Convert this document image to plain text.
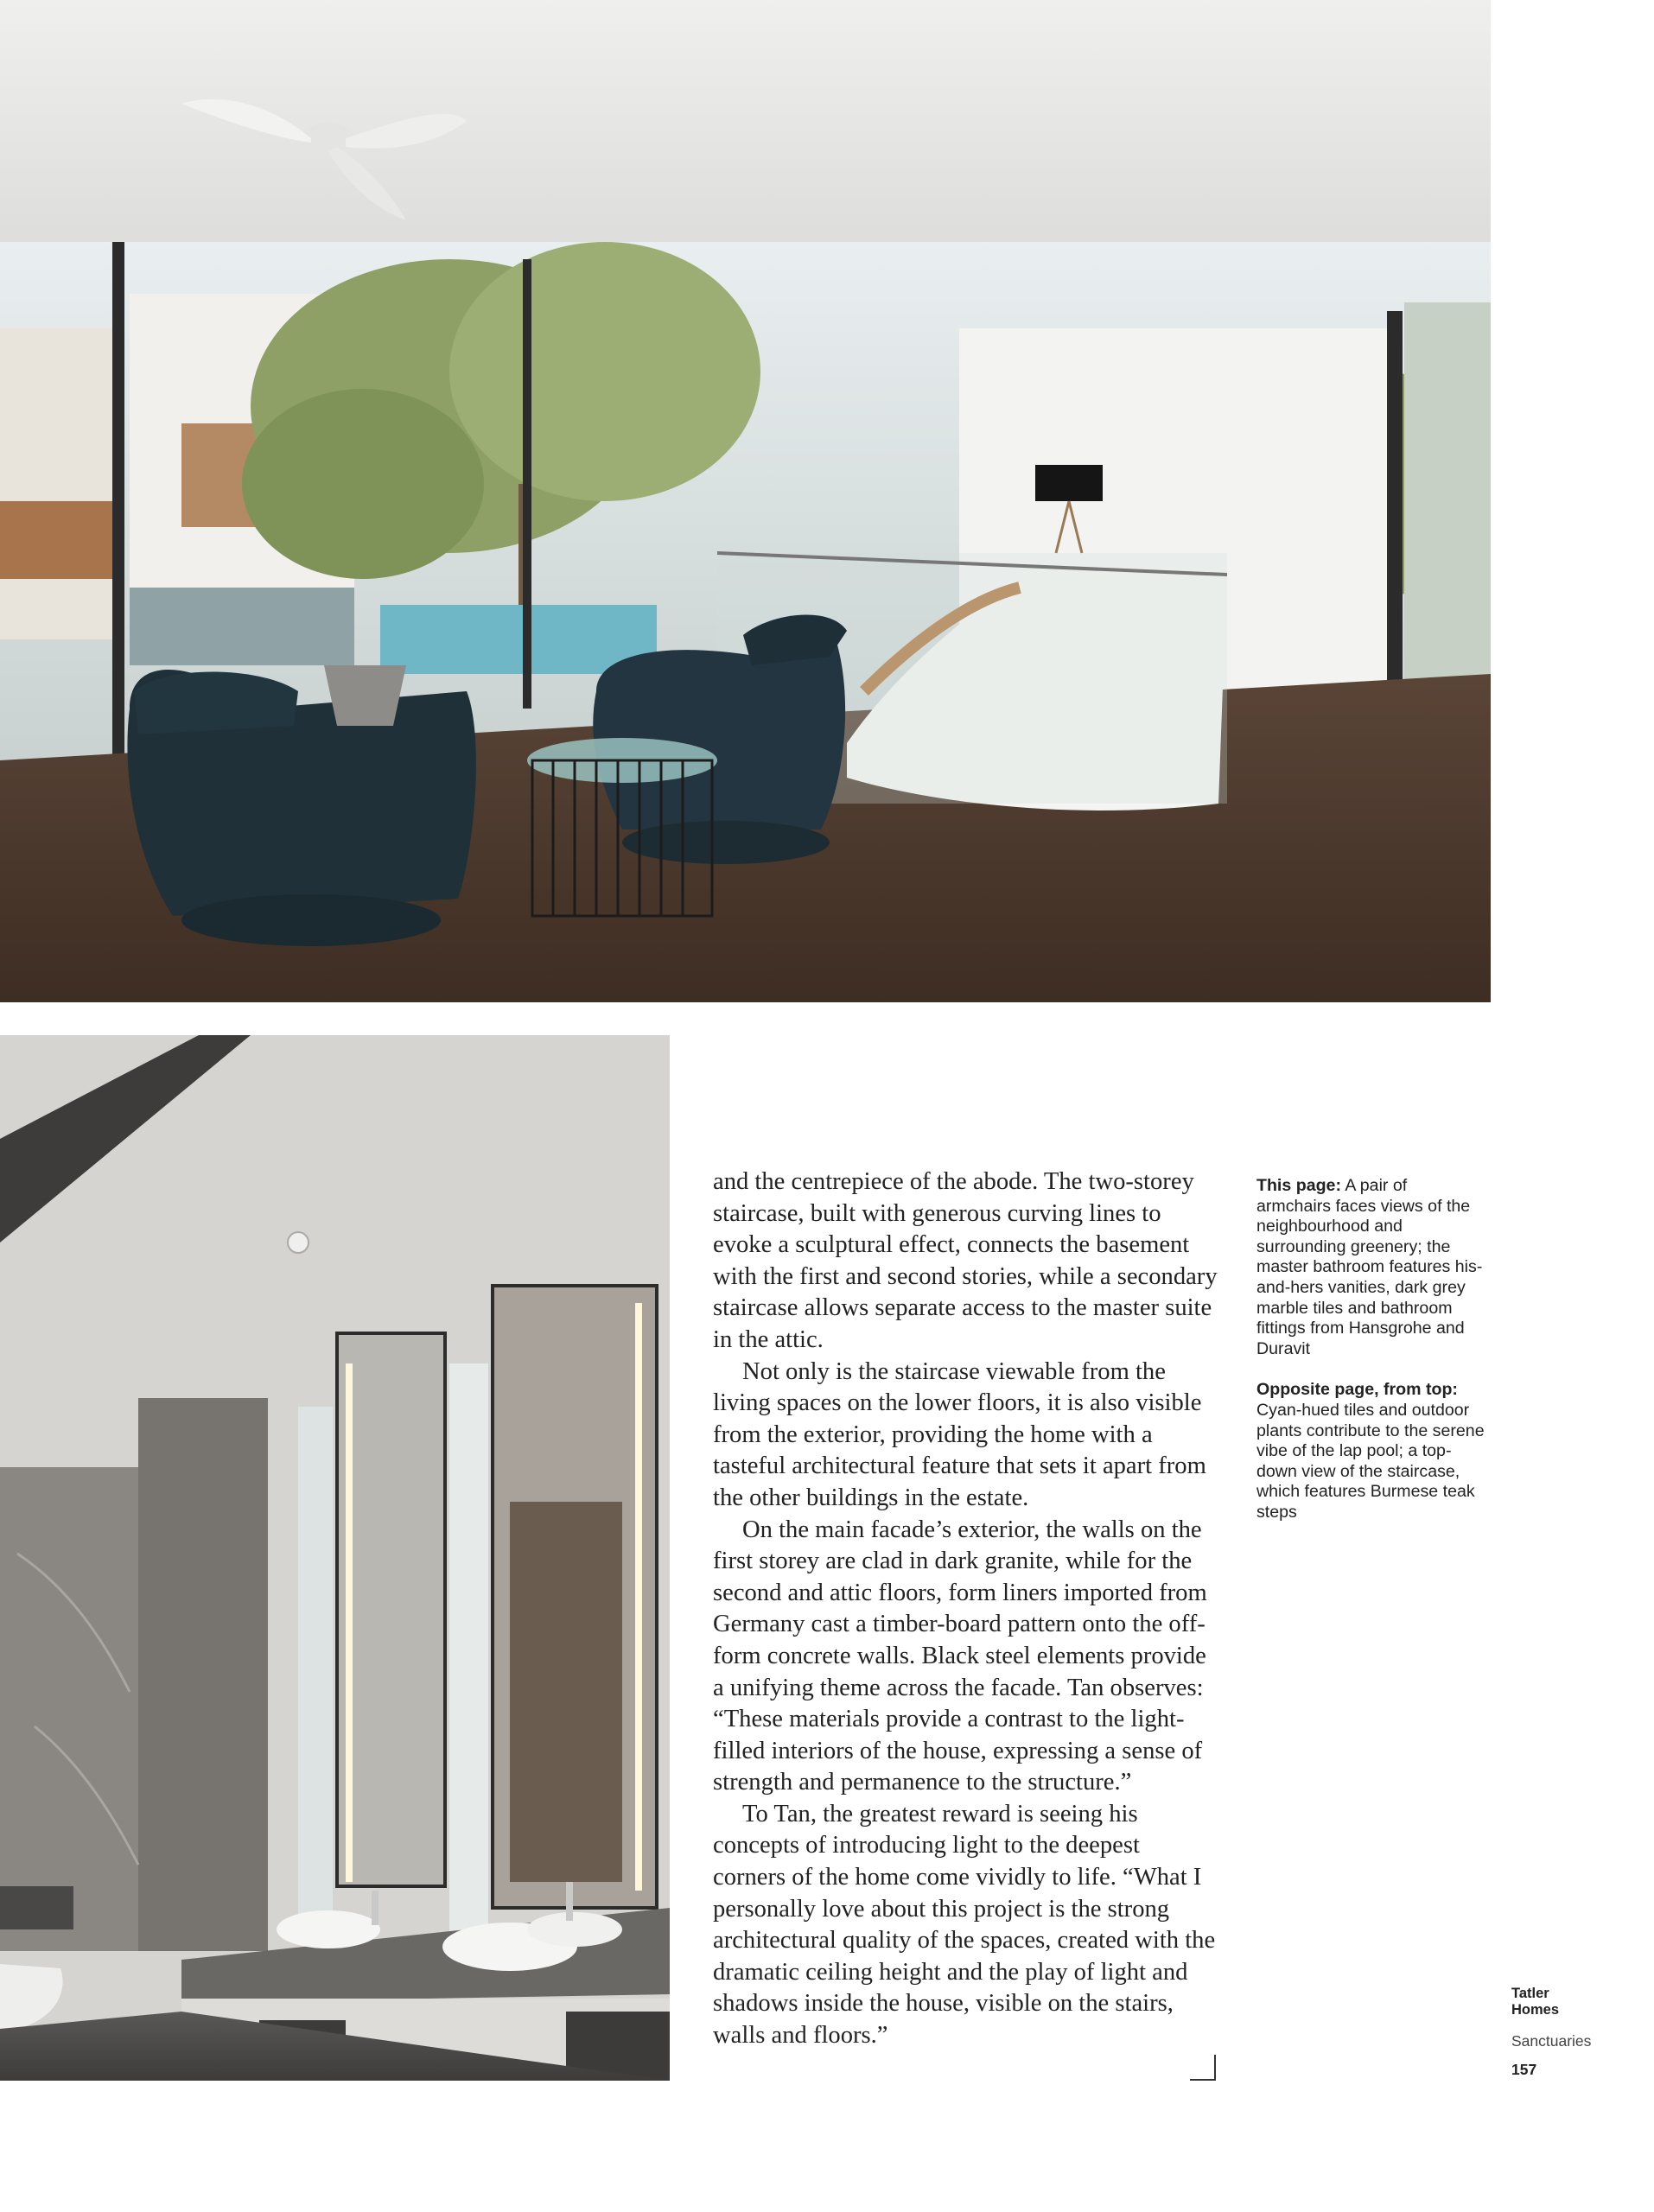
and the centrepiece of the abode. The two-storey staircase, built with generous curving lines to evoke a sculptural effect, connects the basement with the first and second stories, while a secondary staircase allows separate access to the master suite in the attic.

Not only is the staircase viewable from the living spaces on the lower floors, it is also visible from the exterior, providing the home with a tasteful architectural feature that sets it apart from the other buildings in the estate.

On the main facade’s exterior, the walls on the first storey are clad in dark granite, while for the second and attic floors, form liners imported from Germany cast a timber-board pattern onto the off-form concrete walls. Black steel elements provide a unifying theme across the facade. Tan observes: “These materials provide a contrast to the light-filled interiors of the house, expressing a sense of strength and permanence to the structure.”

To Tan, the greatest reward is seeing his concepts of introducing light to the deepest corners of the home come vividly to life. “What I personally love about this project is the strong architectural quality of the spaces, created with the dramatic ceiling height and the play of light and shadows inside the house, visible on the stairs, walls and floors.”

This page: A pair of armchairs faces views of the neighbourhood and surrounding greenery; the master bathroom features his-and-hers vanities, dark grey marble tiles and bathroom fittings from Hansgrohe and Duravit

Opposite page, from top: Cyan-hued tiles and outdoor plants contribute to the serene vibe of the lap pool; a top-down view of the staircase, which features Burmese teak steps

Tatler
Homes
Sanctuaries
157
